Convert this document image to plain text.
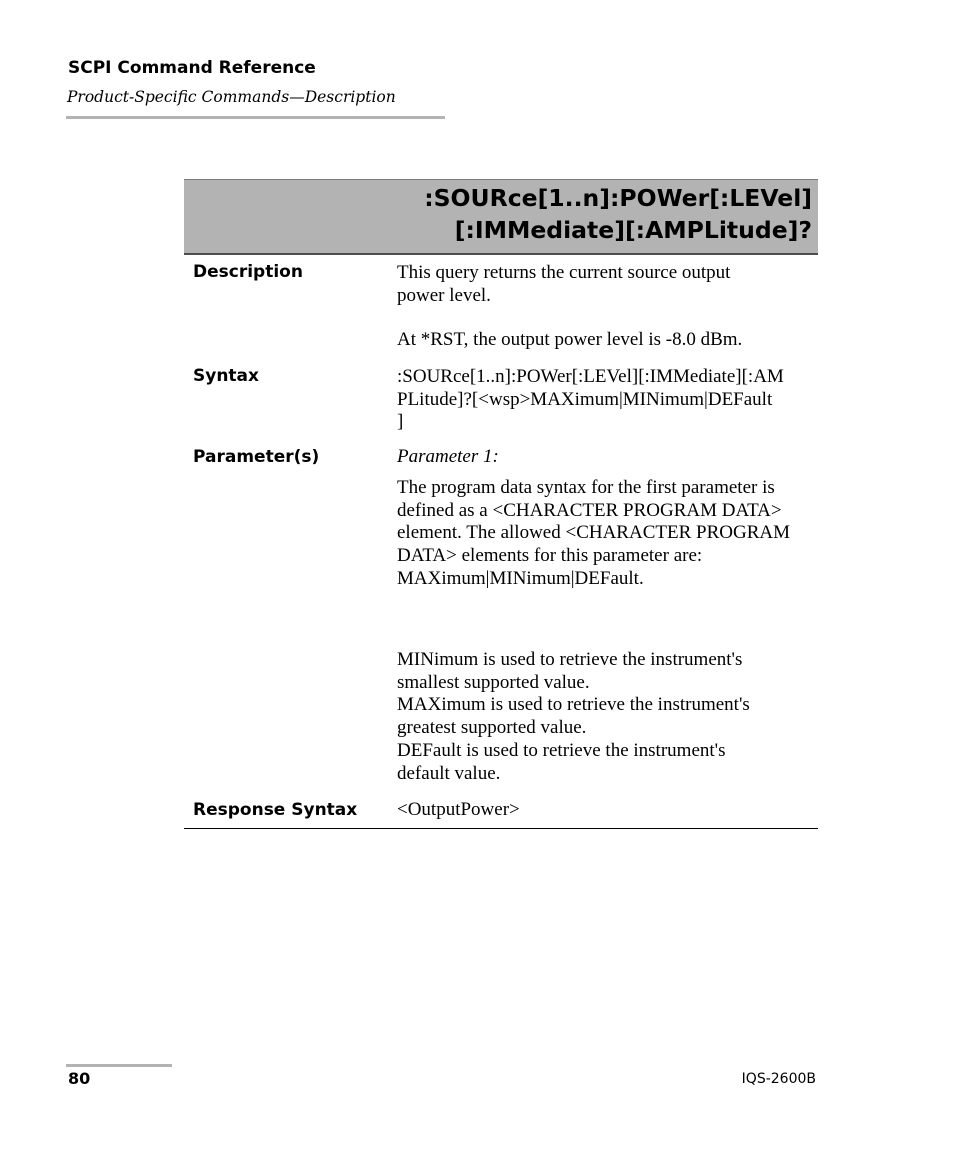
SCPI Command Reference
Product-Specific Commands—Description
:SOURce[1..n]:POWer[:LEVel]
[:IMMediate][:AMPLitude]?
Description	This query returns the current source output
power level.
At *RST, the output power level is -8.0 dBm.
Syntax	:SOURce[1..n]:POWer[:LEVel][:IMMediate][:AM
PLitude]?[<wsp>MAXimum|MINimum|DEFault
]
Parameter(s)	Parameter 1:
The program data syntax for the first parameter is
defined as a <CHARACTER PROGRAM DATA>
element. The allowed <CHARACTER PROGRAM
DATA> elements for this parameter are:
MAXimum|MINimum|DEFault.
MINimum is used to retrieve the instrument's
smallest supported value.
MAXimum is used to retrieve the instrument's
greatest supported value.
DEFault is used to retrieve the instrument's
default value.
Response Syntax <OutputPower>
80	IQS-2600B
